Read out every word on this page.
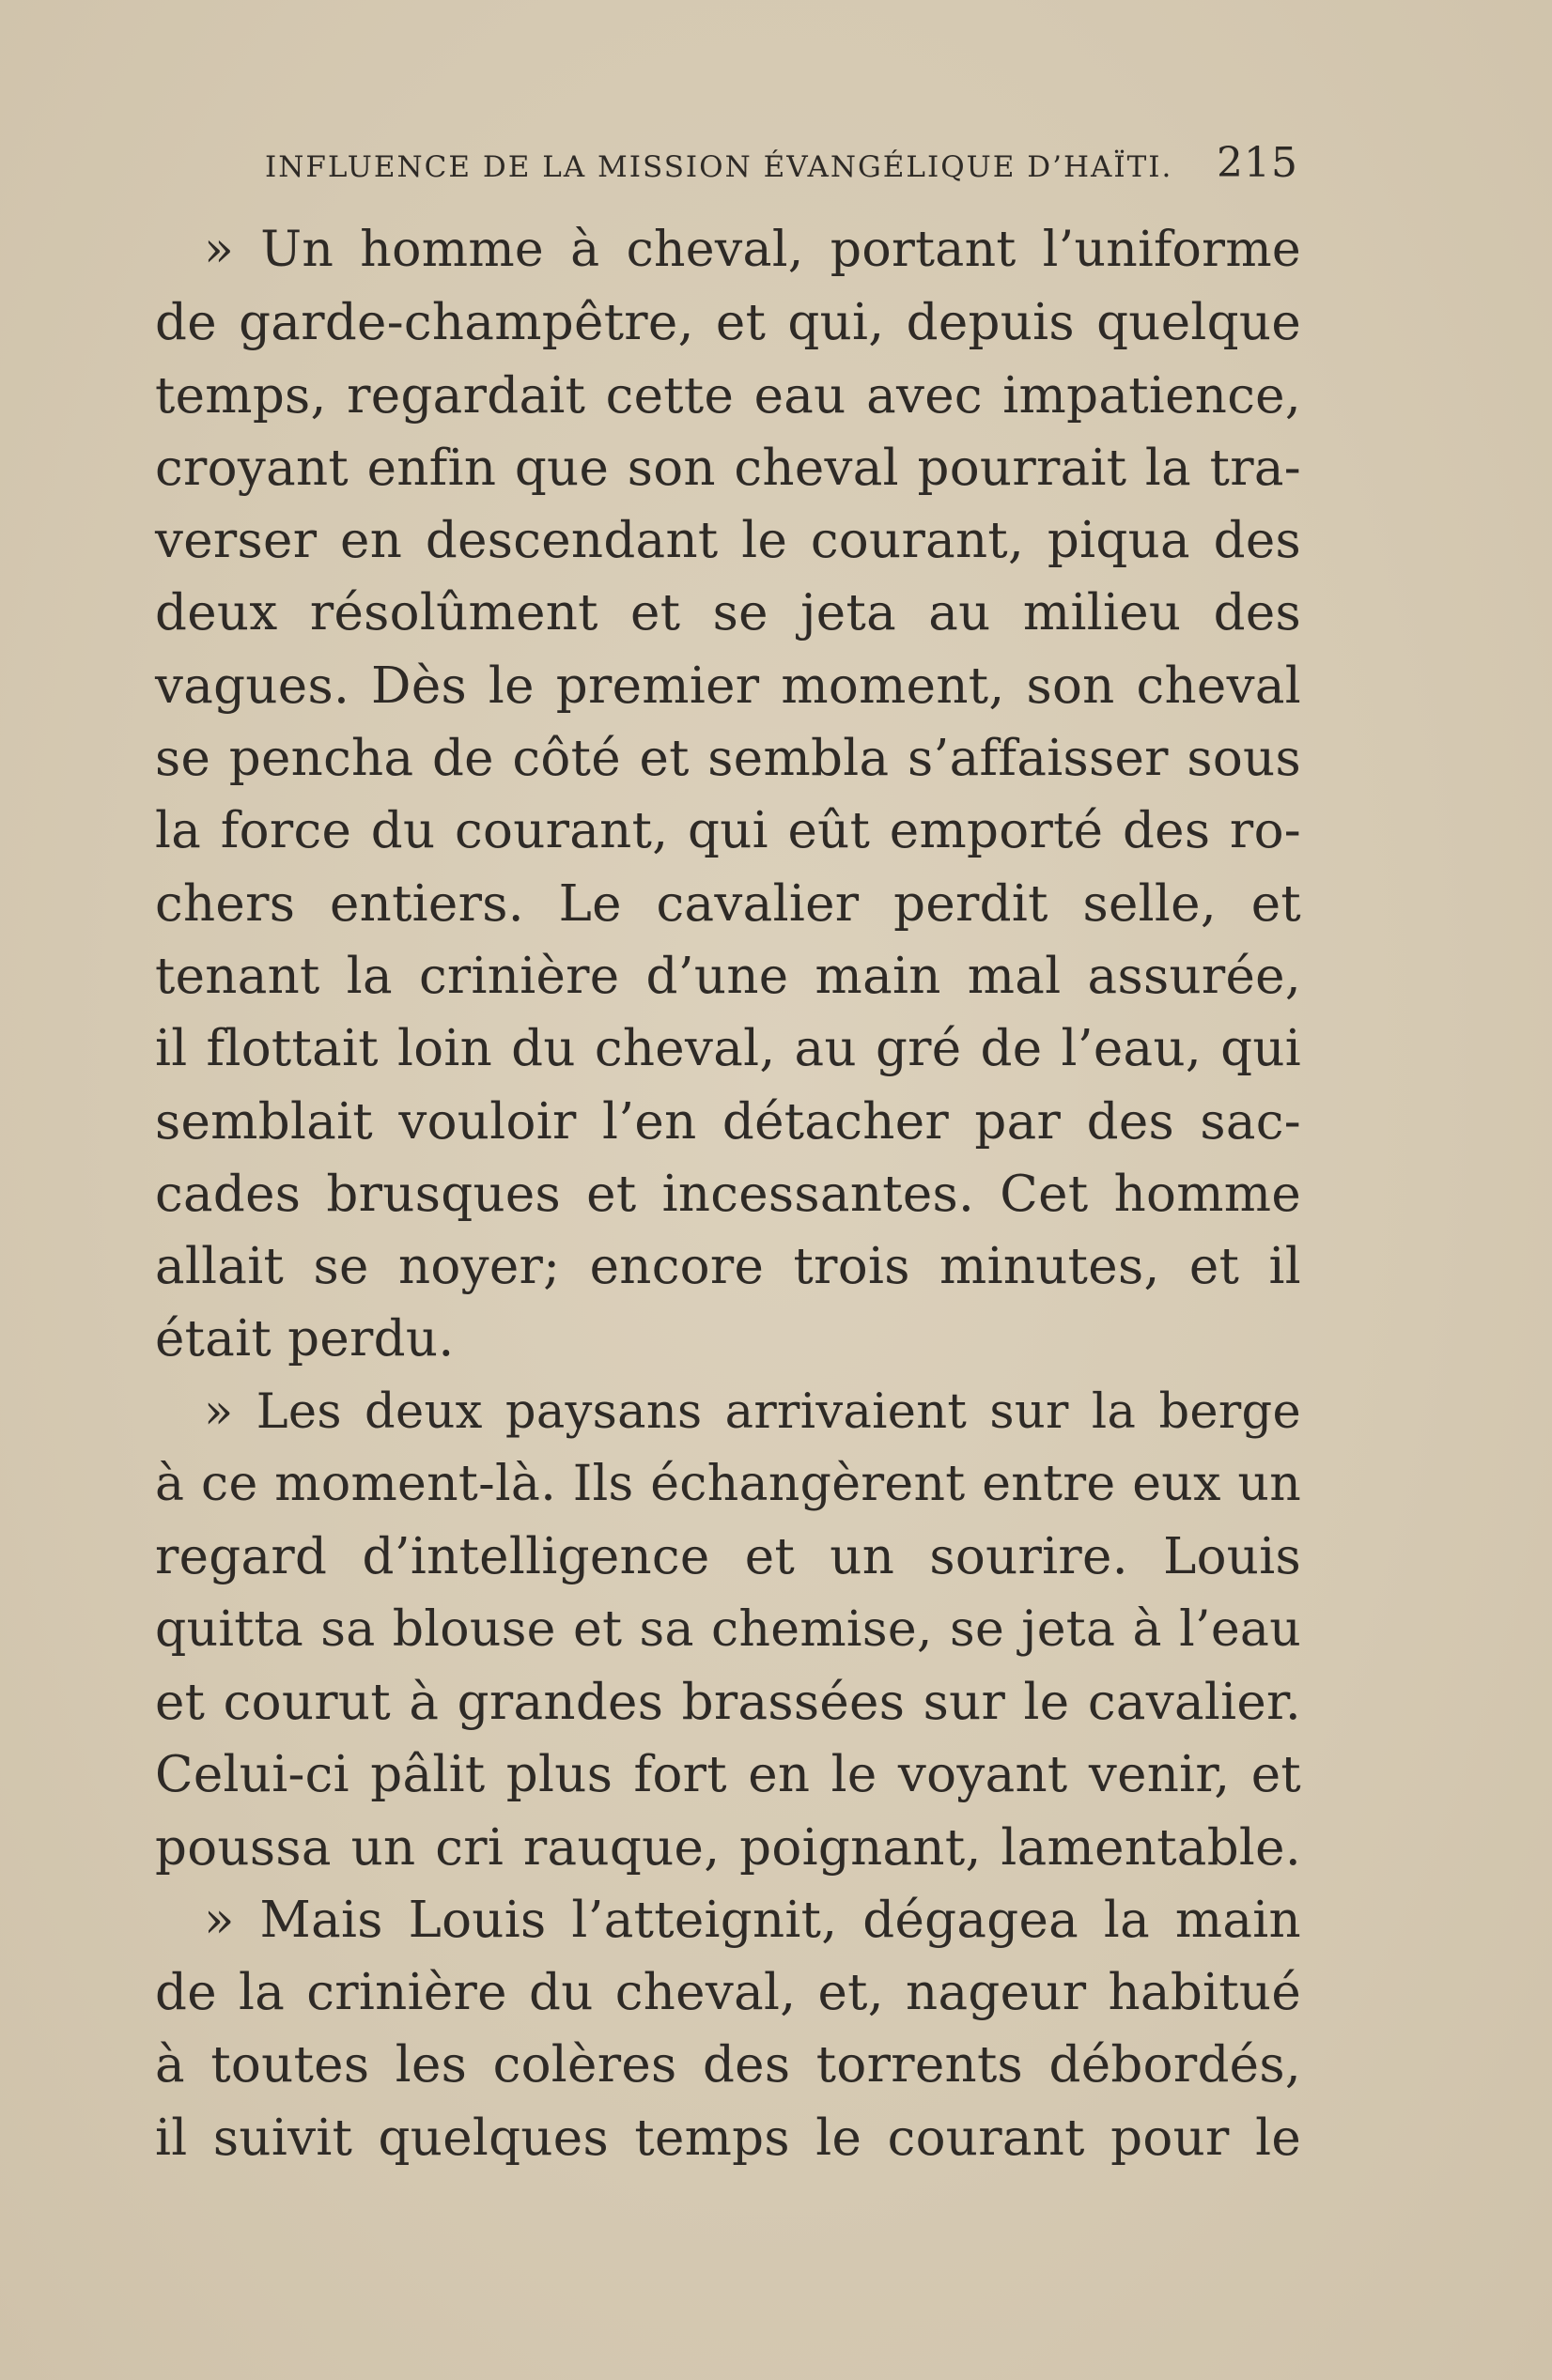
INFLUENCE DE LA MISSION ÉVANGÉLIQUE D’HAÏTI. 215
» Un homme à cheval, portant l’uniforme
de garde-champêtre, et qui, depuis quelque
temps, regardait cette eau avec impatience,
croyant enfin que son cheval pourrait la tra-
verser en descendant le courant, piqua des
deux résolûment et se jeta au milieu des
vagues. Dès le premier moment, son cheval
se pencha de côté et sembla s’affaisser sous
la force du courant, qui eût emporté des ro-
chers entiers. Le cavalier perdit selle, et
tenant la crinière d’une main mal assurée,
il flottait loin du cheval, au gré de l’eau, qui
semblait vouloir l’en détacher par des sac-
cades brusques et incessantes. Cet homme
allait se noyer; encore trois minutes, et il
était perdu.
» Les deux paysans arrivaient sur la berge
à ce moment-là. Ils échangèrent entre eux un
regard d’intelligence et un sourire. Louis
quitta sa blouse et sa chemise, se jeta à l’eau
et courut à grandes brassées sur le cavalier.
Celui-ci pâlit plus fort en le voyant venir, et
poussa un cri rauque, poignant, lamentable.
» Mais Louis l’atteignit, dégagea la main
de la crinière du cheval, et, nageur habitué
à toutes les colères des torrents débordés,
il suivit quelques temps le courant pour le
